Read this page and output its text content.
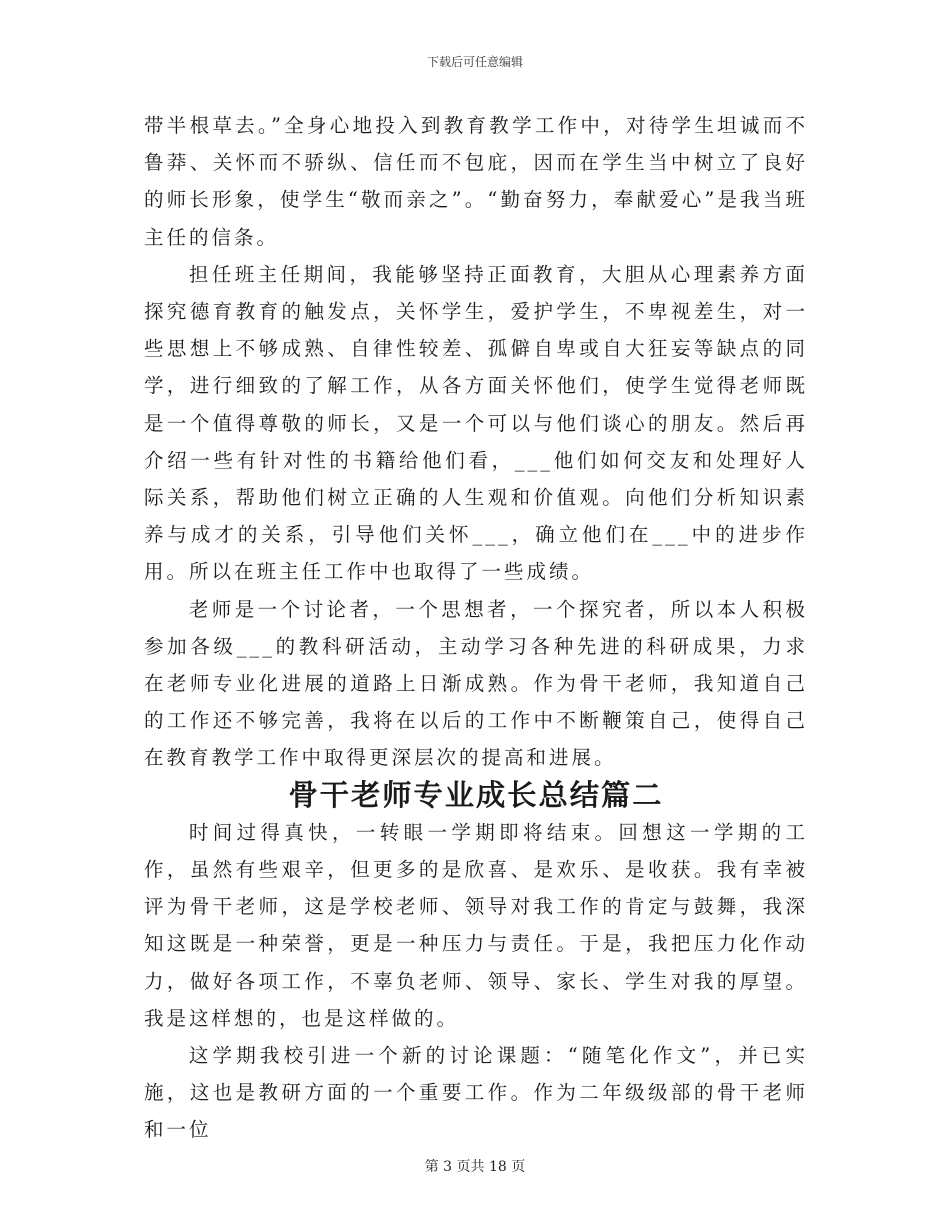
下载后可任意编辑

带半根草去。”全身心地投入到教育教学工作中，对待学生坦诚而不鲁莽、关怀而不骄纵、信任而不包庇，因而在学生当中树立了良好的师长形象，使学生“敬而亲之”。“勤奋努力，奉献爱心”是我当班主任的信条。

担任班主任期间，我能够坚持正面教育，大胆从心理素养方面探究德育教育的触发点，关怀学生，爱护学生，不卑视差生，对一些思想上不够成熟、自律性较差、孤僻自卑或自大狂妄等缺点的同学，进行细致的了解工作，从各方面关怀他们，使学生觉得老师既是一个值得尊敬的师长，又是一个可以与他们谈心的朋友。然后再介绍一些有针对性的书籍给他们看，___他们如何交友和处理好人际关系，帮助他们树立正确的人生观和价值观。向他们分析知识素养与成才的关系，引导他们关怀___，确立他们在___中的进步作用。所以在班主任工作中也取得了一些成绩。

老师是一个讨论者，一个思想者，一个探究者，所以本人积极参加各级___的教科研活动，主动学习各种先进的科研成果，力求在老师专业化进展的道路上日渐成熟。作为骨干老师，我知道自己的工作还不够完善，我将在以后的工作中不断鞭策自己，使得自己在教育教学工作中取得更深层次的提高和进展。

骨干老师专业成长总结篇二

时间过得真快，一转眼一学期即将结束。回想这一学期的工作，虽然有些艰辛，但更多的是欣喜、是欢乐、是收获。我有幸被评为骨干老师，这是学校老师、领导对我工作的肯定与鼓舞，我深知这既是一种荣誉，更是一种压力与责任。于是，我把压力化作动力，做好各项工作，不辜负老师、领导、家长、学生对我的厚望。我是这样想的，也是这样做的。

这学期我校引进一个新的讨论课题：“随笔化作文”，并已实施，这也是教研方面的一个重要工作。作为二年级级部的骨干老师和一位

第 3 页共 18 页
